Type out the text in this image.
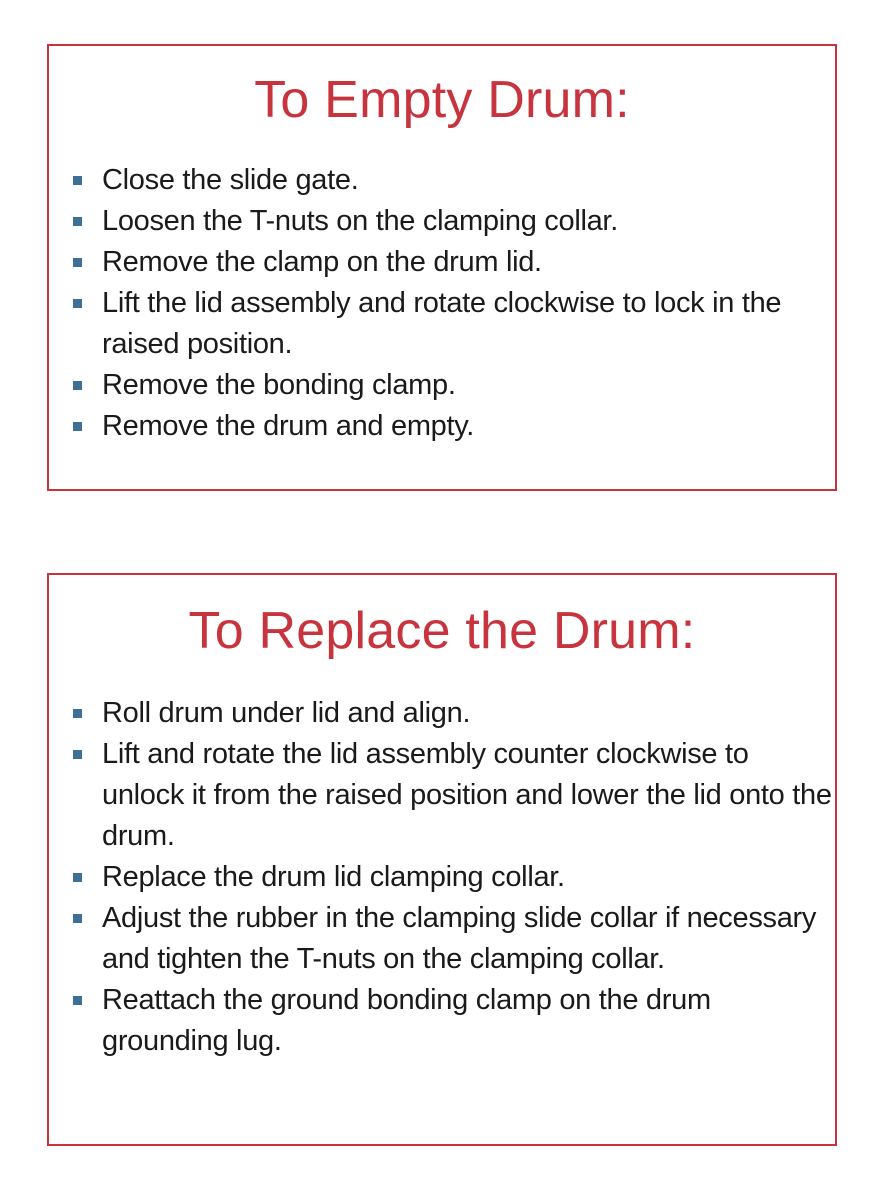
To Empty Drum:
Close the slide gate.
Loosen the T-nuts on the clamping collar.
Remove the clamp on the drum lid.
Lift the lid assembly and rotate clockwise to lock in the raised position.
Remove the bonding clamp.
Remove the drum and empty.
To Replace the Drum:
Roll drum under lid and align.
Lift and rotate the lid assembly counter clockwise to unlock it from the raised position and lower the lid onto the drum.
Replace the drum lid clamping collar.
Adjust the rubber in the clamping slide collar if necessary and tighten the T-nuts on the clamping collar.
Reattach the ground bonding clamp on the drum grounding lug.
